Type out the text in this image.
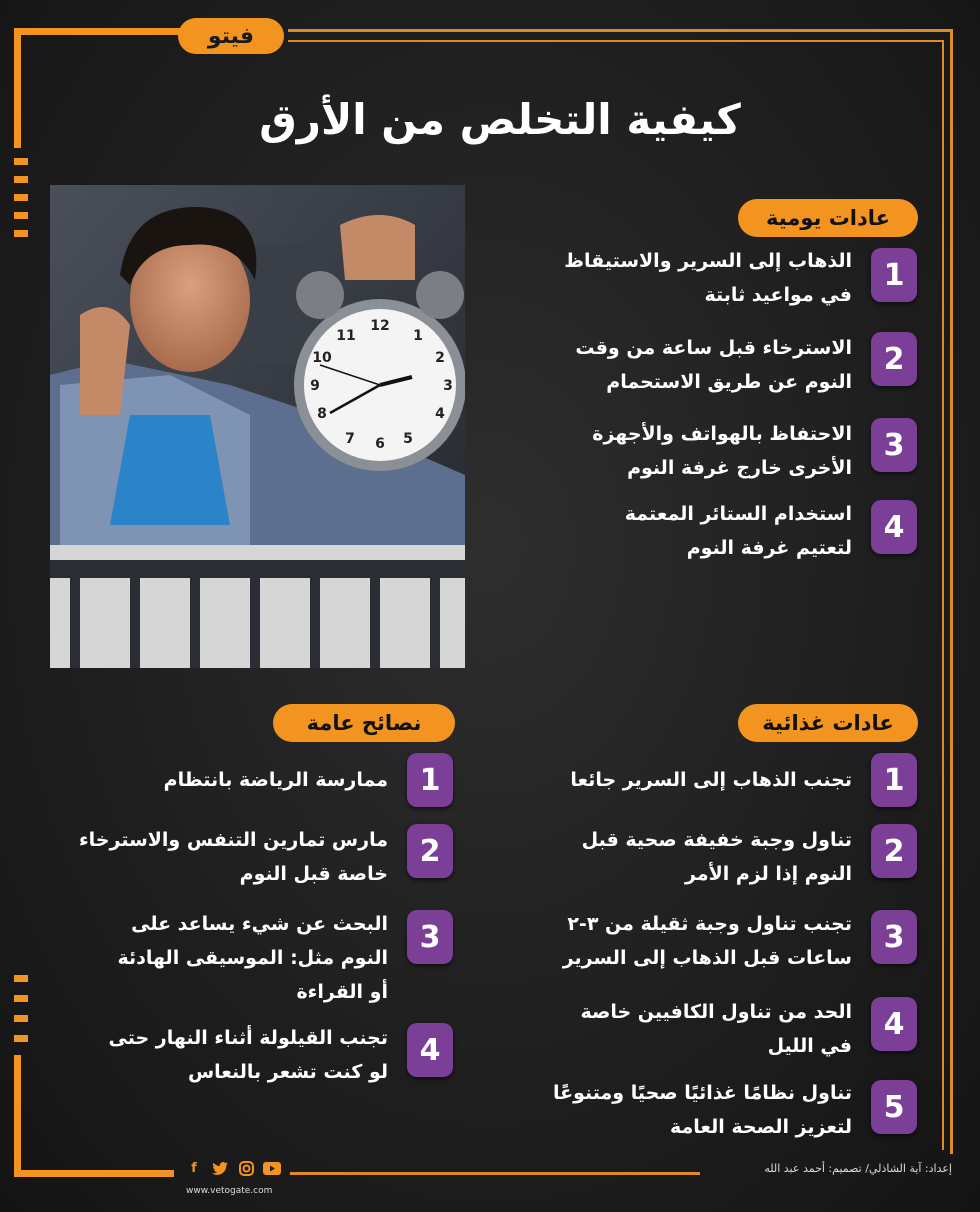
فيتو
كيفية التخلص من الأرق
12
1
2
3
4
5
6
7
8
9
10
11
عادات يومية
1
الذهاب إلى السرير والاستيقاظ
في مواعيد ثابتة
2
الاسترخاء قبل ساعة من وقت
النوم عن طريق الاستحمام
3
الاحتفاظ بالهواتف والأجهزة
الأخرى خارج غرفة النوم
4
استخدام الستائر المعتمة
لتعتيم غرفة النوم
عادات غذائية
1
تجنب الذهاب إلى السرير جائعا
2
تناول وجبة خفيفة صحية قبل
النوم إذا لزم الأمر
3
تجنب تناول وجبة ثقيلة من ٣-٢
ساعات قبل الذهاب إلى السرير
4
الحد من تناول الكافيين خاصة
في الليل
5
تناول نظامًا غذائيًا صحيًا ومتنوعًا
لتعزيز الصحة العامة
نصائح عامة
1
ممارسة الرياضة بانتظام
2
مارس تمارين التنفس والاسترخاء
خاصة قبل النوم
3
البحث عن شيء يساعد على
النوم مثل: الموسيقى الهادئة
أو القراءة
4
تجنب القيلولة أثناء النهار حتى
لو كنت تشعر بالنعاس
f
www.vetogate.com
إعداد: آية الشاذلي/ تصميم: أحمد عبد الله
